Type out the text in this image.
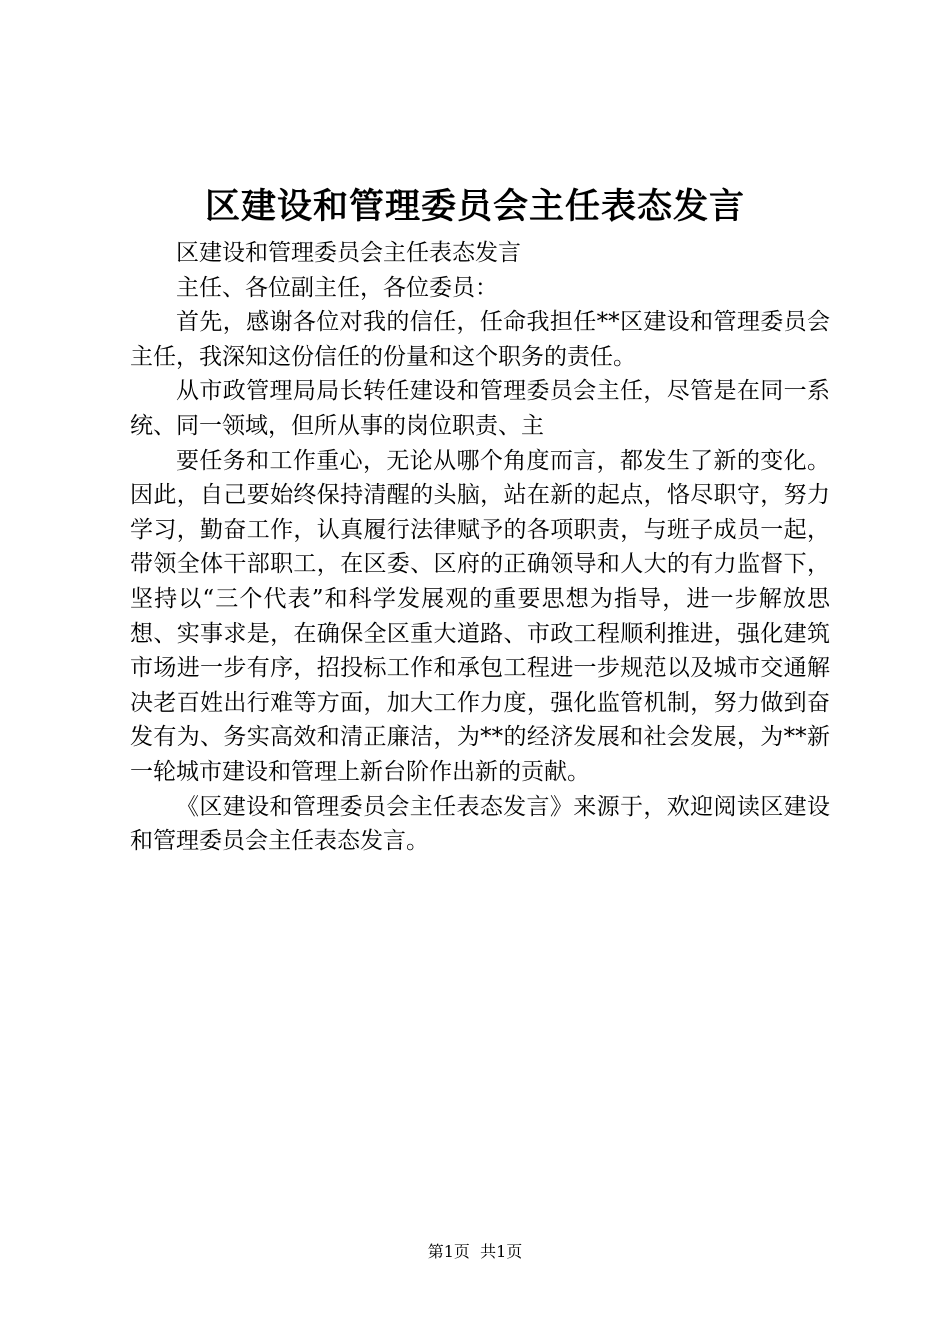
区建设和管理委员会主任表态发言

区建设和管理委员会主任表态发言

主任、各位副主任，各位委员：

首先，感谢各位对我的信任，任命我担任**区建设和管理委员会主任，我深知这份信任的份量和这个职务的责任。

从市政管理局局长转任建设和管理委员会主任，尽管是在同一系统、同一领域，但所从事的岗位职责、主

要任务和工作重心，无论从哪个角度而言，都发生了新的变化。因此，自己要始终保持清醒的头脑，站在新的起点，恪尽职守，努力学习，勤奋工作，认真履行法律赋予的各项职责，与班子成员一起，带领全体干部职工，在区委、区府的正确领导和人大的有力监督下，坚持以“三个代表”和科学发展观的重要思想为指导，进一步解放思想、实事求是，在确保全区重大道路、市政工程顺利推进，强化建筑市场进一步有序，招投标工作和承包工程进一步规范以及城市交通解决老百姓出行难等方面，加大工作力度，强化监管机制，努力做到奋发有为、务实高效和清正廉洁，为**的经济发展和社会发展，为**新一轮城市建设和管理上新台阶作出新的贡献。

《区建设和管理委员会主任表态发言》来源于，欢迎阅读区建设和管理委员会主任表态发言。

第1页  共1页
